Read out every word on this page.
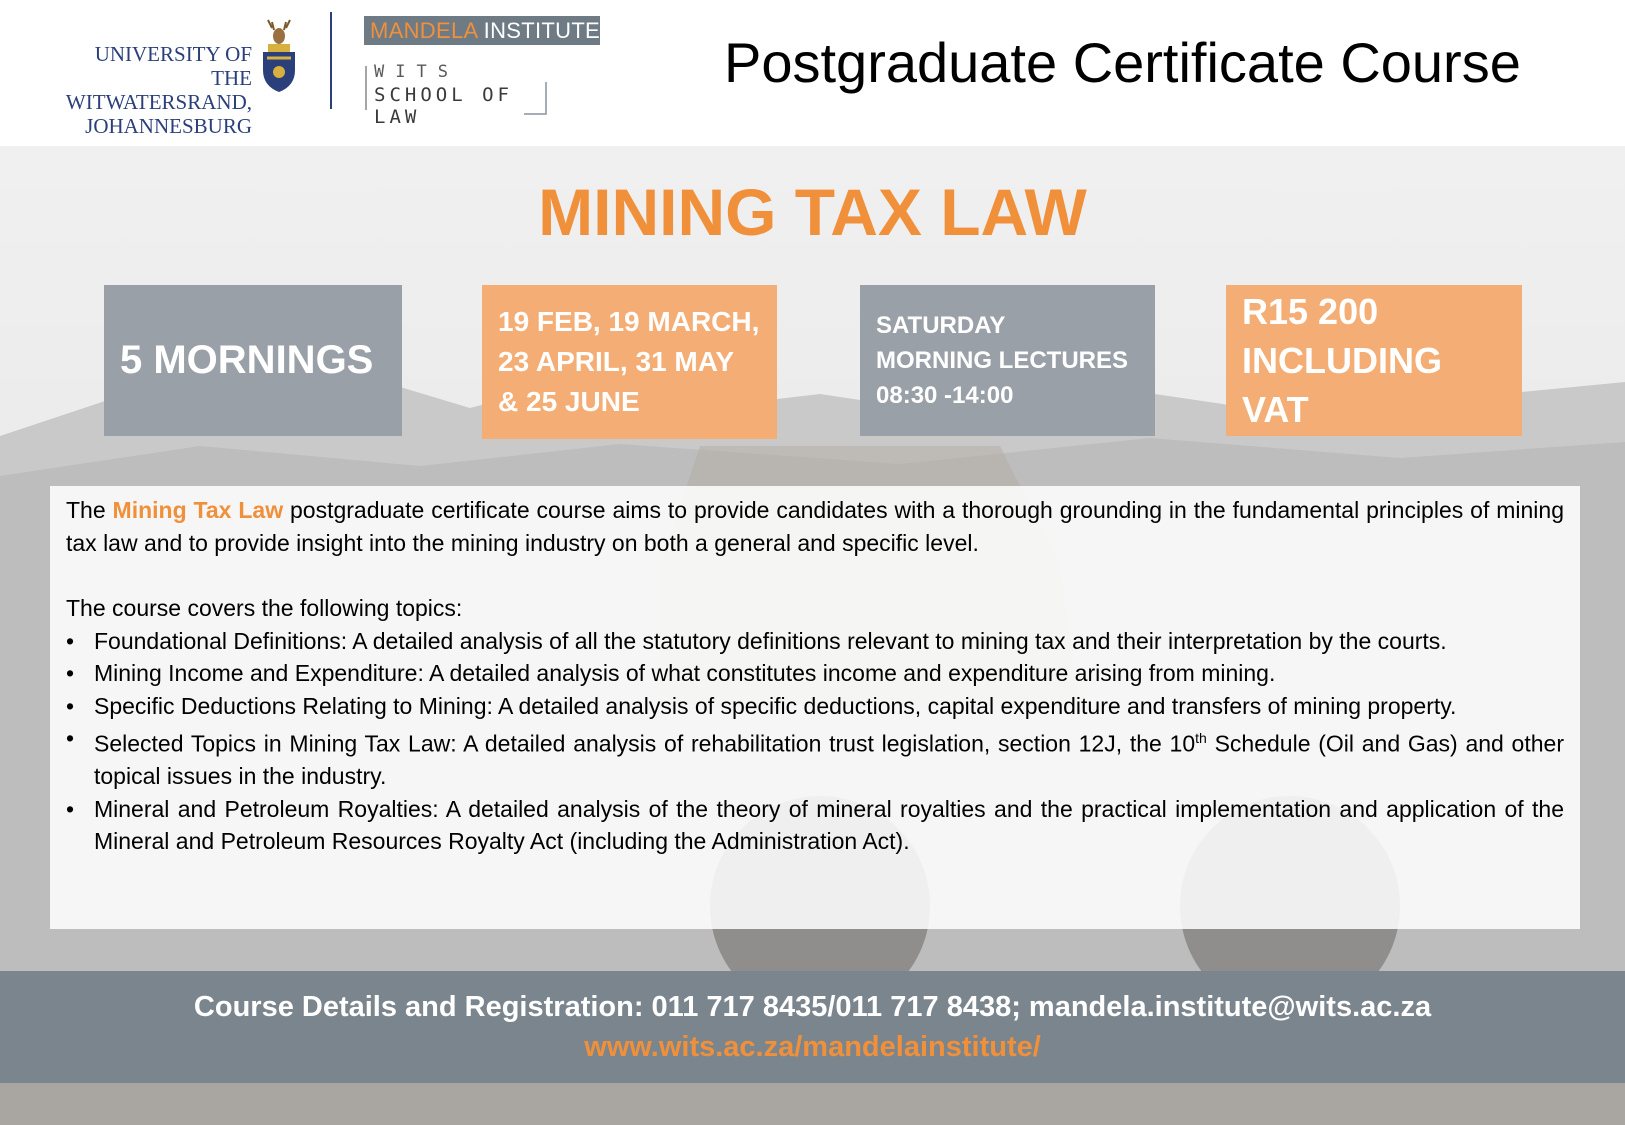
UNIVERSITY OF THE
WITWATERSRAND,
JOHANNESBURG
MANDELA INSTITUTE
WITS
SCHOOL OF LAW
Postgraduate Certificate Course
MINING TAX LAW
5 MORNINGS
19 FEB, 19 MARCH,
23 APRIL, 31 MAY
& 25 JUNE
SATURDAY
MORNING LECTURES
08:30 -14:00
R15 200
INCLUDING
VAT

The Mining Tax Law postgraduate certificate course aims to provide candidates with a thorough grounding in the fundamental principles of mining tax law and to provide insight into the mining industry on both a general and specific level.

The course covers the following topics:

• Foundational Definitions: A detailed analysis of all the statutory definitions relevant to mining tax and their interpretation by the courts.
• Mining Income and Expenditure: A detailed analysis of what constitutes income and expenditure arising from mining.
• Specific Deductions Relating to Mining: A detailed analysis of specific deductions, capital expenditure and transfers of mining property.
• Selected Topics in Mining Tax Law: A detailed analysis of rehabilitation trust legislation, section 12J, the 10th Schedule (Oil and Gas) and other topical issues in the industry.
• Mineral and Petroleum Royalties: A detailed analysis of the theory of mineral royalties and the practical implementation and application of the Mineral and Petroleum Resources Royalty Act (including the Administration Act).
Course Details and Registration: 011 717 8435/011 717 8438; mandela.institute@wits.ac.za
www.wits.ac.za/mandelainstitute/
